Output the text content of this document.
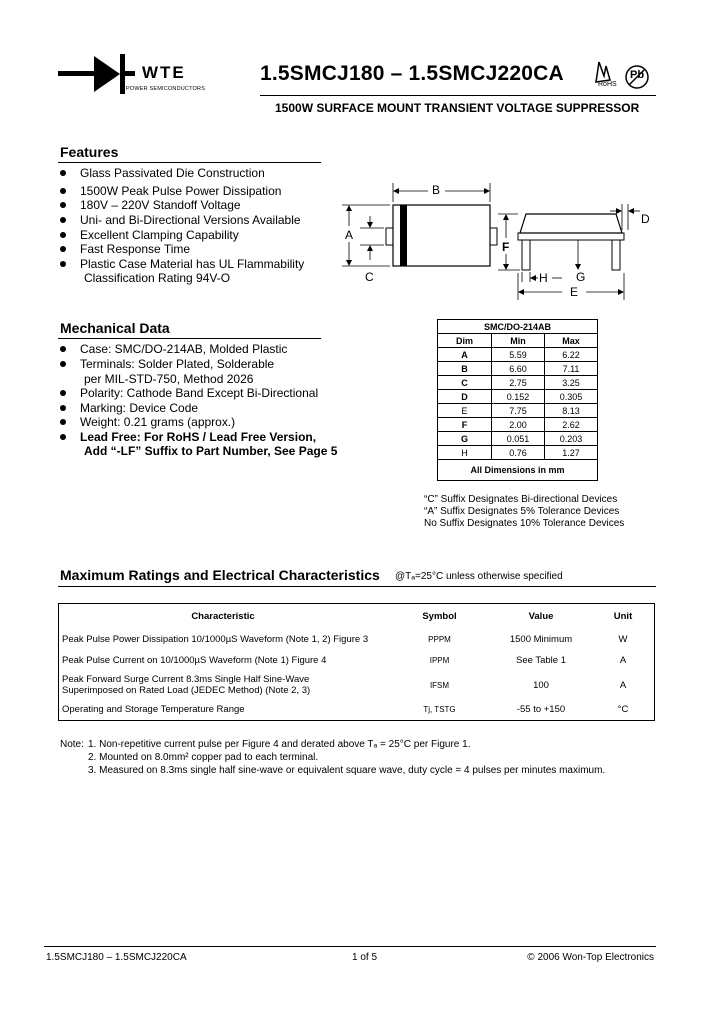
WTE
POWER SEMICONDUCTORS
1.5SMCJ180 – 1.5SMCJ220CA	RoHS
Pb
1500W SURFACE MOUNT TRANSIENT VOLTAGE SUPPRESSOR
Features
Glass Passivated Die Construction
1500W Peak Pulse Power Dissipation
180V – 220V Standoff Voltage
Uni- and Bi-Directional Versions Available
Excellent Clamping Capability
Fast Response Time
Plastic Case Material has UL Flammability
Classification Rating 94V-O
B
A
C
D
F
H G
E
Mechanical Data
Case: SMC/DO-214AB, Molded Plastic
Terminals: Solder Plated, Solderable
per MIL-STD-750, Method 2026
Polarity: Cathode Band Except Bi-Directional
Marking: Device Code
Weight: 0.21 grams (approx.)
Lead Free: For RoHS / Lead Free Version,
Add “-LF” Suffix to Part Number, See Page 5
SMC/DO-214AB		
Dim	Min	Max
A	5.59	6.22
B	6.60	7.11
C	2.75	3.25
D	0.152	0.305
E	7.75	8.13
F	2.00	2.62
G	0.051	0.203
H	0.76	1.27
All Dimensions in mm		
“C” Suffix Designates Bi-directional Devices
“A” Suffix Designates 5% Tolerance Devices
No Suffix Designates 10% Tolerance Devices
Maximum Ratings and Electrical Characteristics @Tₐ=25°C unless otherwise specified
Characteristic	Symbol	Value	Unit
Peak Pulse Power Dissipation 10/1000µS Waveform (Note 1, 2) Figure 3	PPPM	1500 Minimum	W
Peak Pulse Current on 10/1000µS Waveform (Note 1) Figure 4	IPPM	See Table 1	A

Peak Forward Surge Current 8.3ms Single Half Sine-Wave
Superimposed on Rated Load (JEDEC Method) (Note 2, 3)	IFSM	100	A
Operating and Storage Temperature Range	Tj, TSTG	-55 to +150	°C
Note: 1. Non-repetitive current pulse per Figure 4 and derated above Tₐ = 25°C per Figure 1.
2. Mounted on 8.0mm² copper pad to each terminal.
3. Measured on 8.3ms single half sine-wave or equivalent square wave, duty cycle = 4 pulses per minutes maximum.
1.5SMCJ180 – 1.5SMCJ220CA	1 of 5	© 2006 Won-Top Electronics
